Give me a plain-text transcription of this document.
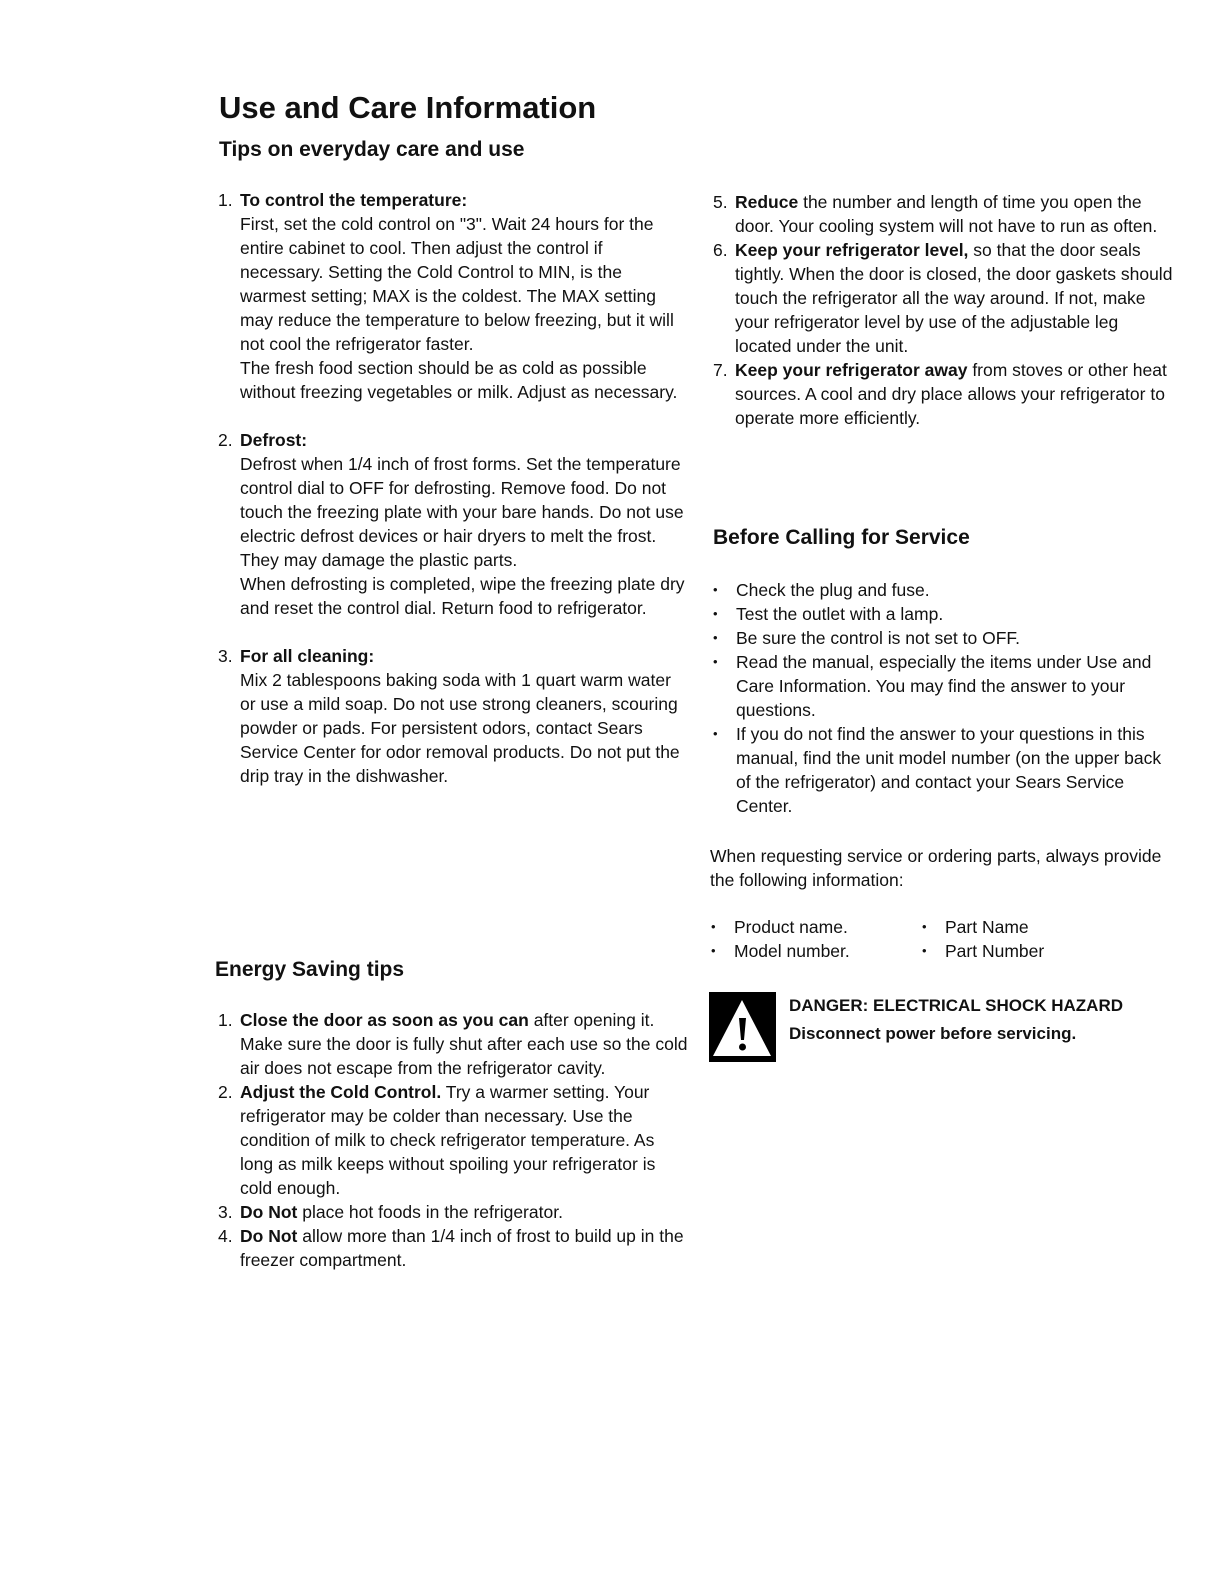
Use and Care Information
Tips on everyday care and use
1. To control the temperature:
First, set the cold control on "3". Wait 24 hours for the entire cabinet to cool. Then adjust the control if necessary. Setting the Cold Control to MIN, is the warmest setting; MAX is the coldest. The MAX setting may reduce the temperature to below freezing, but it will not cool the refrigerator faster.
The fresh food section should be as cold as possible without freezing vegetables or milk. Adjust as necessary.
2. Defrost:
Defrost when 1/4 inch of frost forms. Set the temperature control dial to OFF for defrosting. Remove food. Do not touch the freezing plate with your bare hands. Do not use electric defrost devices or hair dryers to melt the frost. They may damage the plastic parts.
When defrosting is completed, wipe the freezing plate dry and reset the control dial. Return food to refrigerator.
3. For all cleaning:
Mix 2 tablespoons baking soda with 1 quart warm water or use a mild soap. Do not use strong cleaners, scouring powder or pads. For persistent odors, contact Sears Service Center for odor removal products. Do not put the drip tray in the dishwasher.
Energy Saving tips
1. Close the door as soon as you can after opening it. Make sure the door is fully shut after each use so the cold air does not escape from the refrigerator cavity.
2. Adjust the Cold Control. Try a warmer setting. Your refrigerator may be colder than necessary. Use the condition of milk to check refrigerator temperature. As long as milk keeps without spoiling your refrigerator is cold enough.
3. Do Not place hot foods in the refrigerator.
4. Do Not allow more than 1/4 inch of frost to build up in the freezer compartment.
5. Reduce the number and length of time you open the door. Your cooling system will not have to run as often.
6. Keep your refrigerator level, so that the door seals tightly. When the door is closed, the door gaskets should touch the refrigerator all the way around. If not, make your refrigerator level by use of the adjustable leg located under the unit.
7. Keep your refrigerator away from stoves or other heat sources. A cool and dry place allows your refrigerator to operate more efficiently.
Before Calling for Service
• Check the plug and fuse.
• Test the outlet with a lamp.
• Be sure the control is not set to OFF.
• Read the manual, especially the items under Use and Care Information. You may find the answer to your questions.
• If you do not find the answer to your questions in this manual, find the unit model number (on the upper back of the refrigerator) and contact your Sears Service Center.

When requesting service or ordering parts, always provide the following information:

• Product name.
• Model number.
• Part Name
• Part Number
DANGER: ELECTRICAL SHOCK HAZARD
Disconnect power before servicing.
